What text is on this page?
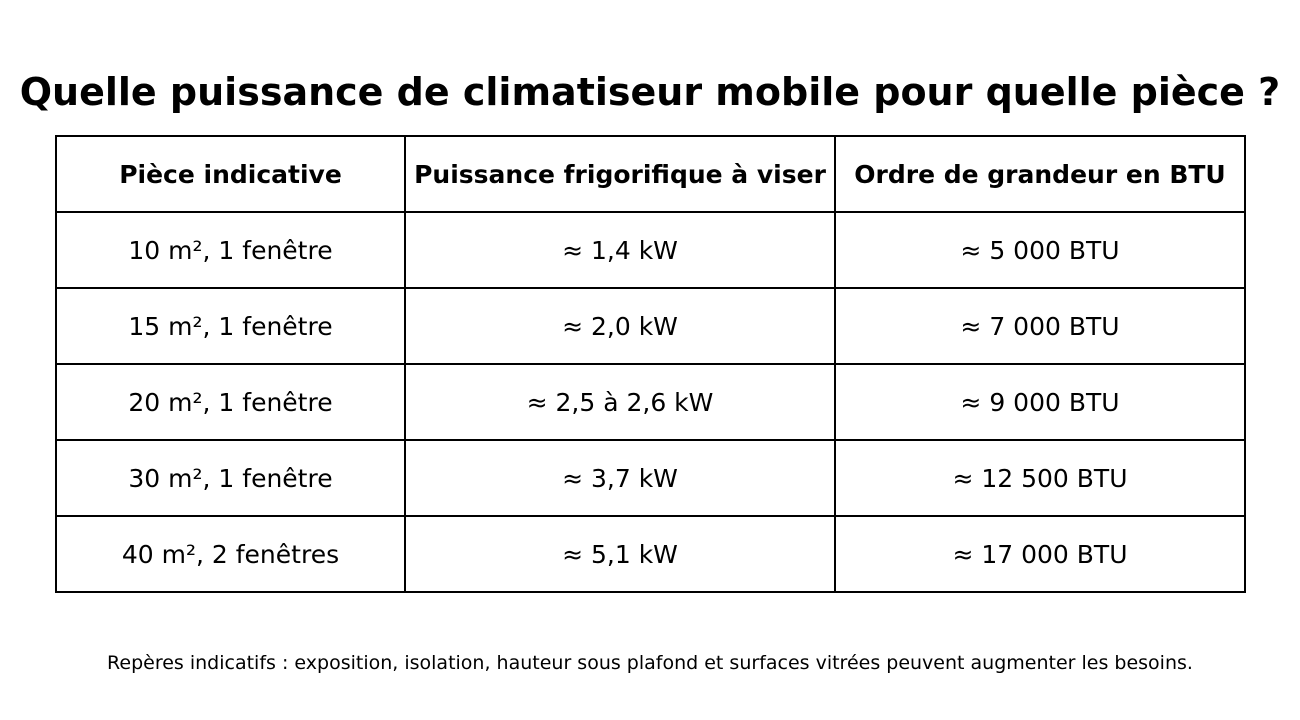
Quelle puissance de climatiseur mobile pour quelle pièce ?
Pièce indicative	Puissance frigorifique à viser	Ordre de grandeur en BTU
10 m², 1 fenêtre	≈ 1,4 kW	≈ 5 000 BTU
15 m², 1 fenêtre	≈ 2,0 kW	≈ 7 000 BTU
20 m², 1 fenêtre	≈ 2,5 à 2,6 kW	≈ 9 000 BTU
30 m², 1 fenêtre	≈ 3,7 kW	≈ 12 500 BTU
40 m², 2 fenêtres	≈ 5,1 kW	≈ 17 000 BTU

Repères indicatifs : exposition, isolation, hauteur sous plafond et surfaces vitrées peuvent augmenter les besoins.
